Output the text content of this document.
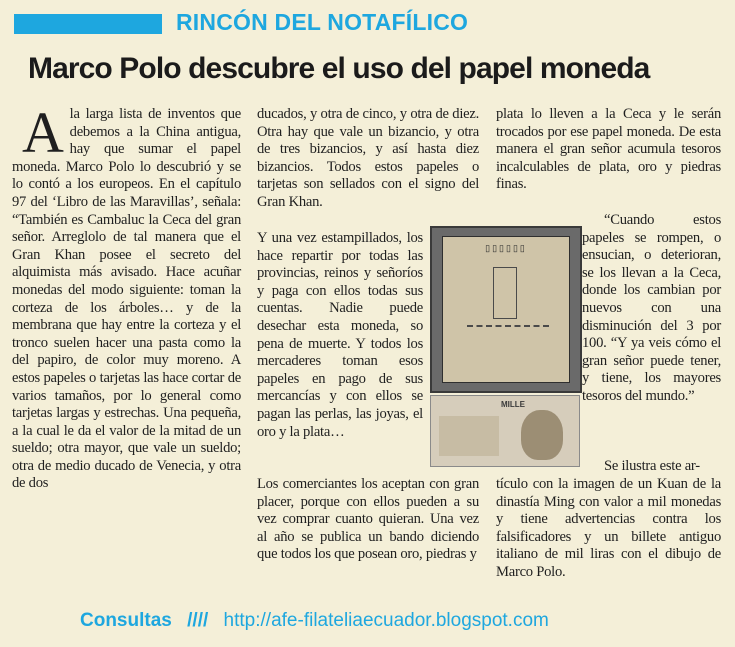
RINCÓN DEL NOTAFÍLICO
Marco Polo descubre el uso del papel moneda
A la larga lista de inventos que debemos a la China antigua, hay que sumar el papel moneda. Marco Polo lo descubrió y se lo contó a los europeos. En el capítulo 97 del ‘Libro de las Maravillas’, señala: “También es Cambaluc la Ceca del gran señor. Arreglolo de tal manera que el Gran Khan posee el secreto del alquimista más avisado. Hace acuñar monedas del modo siguiente: toman la corteza de los árboles… y de la membrana que hay entre la corteza y el tronco suelen hacer una pasta como la del papiro, de color muy moreno. A estos papeles o tarjetas las hace cortar de varios tamaños, por lo general como tarjetas largas y estrechas. Una pequeña, a la cual le da el valor de la mitad de un sueldo; otra mayor, que vale un sueldo; otra de medio ducado de Venecia, y otra de dos

ducados, y otra de cinco, y otra de diez. Otra hay que vale un bizancio, y otra de tres bizancios, y así hasta diez bizancios. Todos estos papeles o tarjetas son sellados con el signo del Gran Khan.

Y una vez estampillados, los hace repartir por todas las provincias, reinos y señoríos y paga con ellos todas sus cuentas. Nadie puede desechar esta moneda, so pena de muerte. Y todos los mercaderes toman esos papeles en pago de sus mercancías y con ellos se pagan las perlas, las joyas, el oro y la plata…

Los comerciantes los aceptan con gran placer, porque con ellos pueden a su vez comprar cuanto quieran. Una vez al año se publica un bando diciendo que todos los que posean oro, piedras y

▯▯▯▯▯▯
MILLE

plata lo lleven a la Ceca y le serán trocados por ese papel moneda. De esta manera el gran señor acumula tesoros incalculables de plata, oro y piedras finas.

“Cuando estos papeles se rompen, o ensucian, o deterioran, se los llevan a la Ceca, donde los cambian por nuevos con una disminución del 3 por 100. “Y ya veis cómo el gran señor puede tener, y tiene, los mayores tesoros del mundo.”

Se ilustra este ar-

tículo con la imagen de un Kuan de la dinastía Ming con valor a mil monedas y tiene advertencias contra los falsificadores y un billete antiguo italiano de mil liras con el dibujo de Marco Polo.

Consultas //// http://afe-filateliaecuador.blogspot.com
